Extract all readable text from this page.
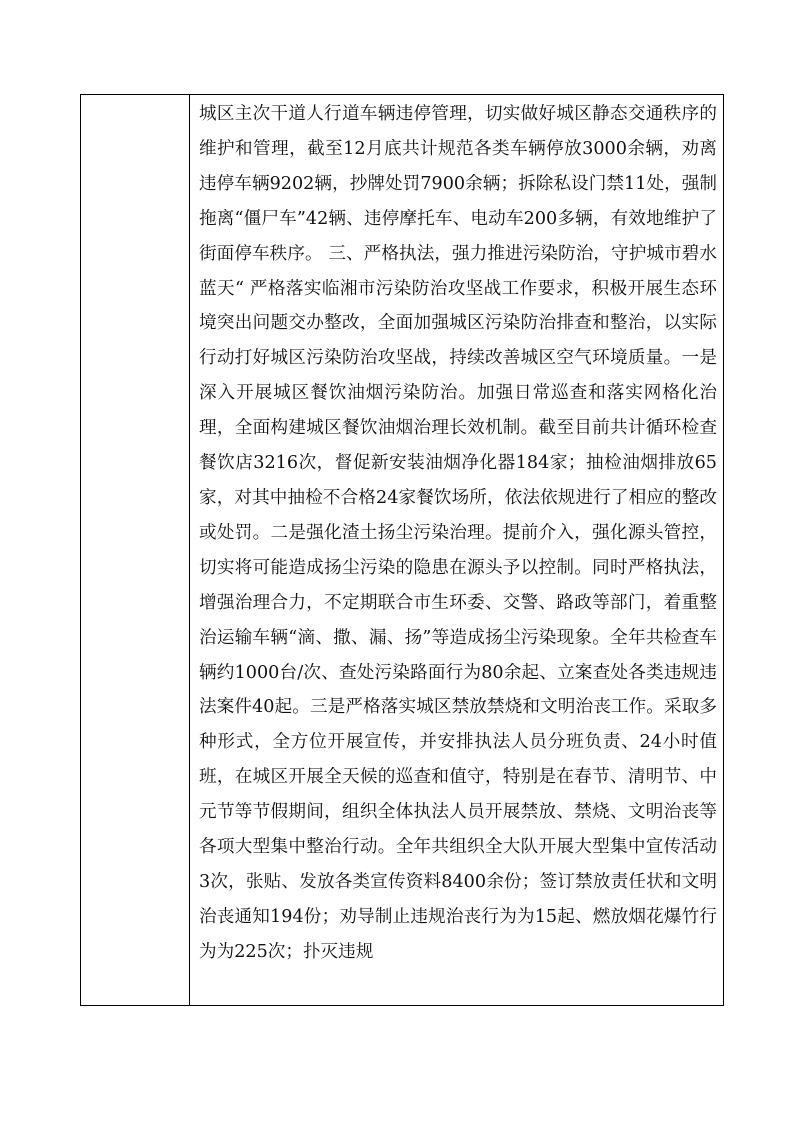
城区主次干道人行道车辆违停管理，切实做好城区静态交通秩序的维护和管理，截至12月底共计规范各类车辆停放3000余辆，劝离违停车辆9202辆，抄牌处罚7900余辆；拆除私设门禁11处，强制拖离“僵尸车”42辆、违停摩托车、电动车200多辆，有效地维护了街面停车秩序。 三、严格执法，强力推进污染防治，守护城市碧水蓝天“ 严格落实临湘市污染防治攻坚战工作要求，积极开展生态环境突出问题交办整改，全面加强城区污染防治排查和整治，以实际行动打好城区污染防治攻坚战，持续改善城区空气环境质量。一是深入开展城区餐饮油烟污染防治。加强日常巡查和落实网格化治理，全面构建城区餐饮油烟治理长效机制。截至目前共计循环检查餐饮店3216次，督促新安装油烟净化器184家；抽检油烟排放65家，对其中抽检不合格24家餐饮场所，依法依规进行了相应的整改或处罚。二是强化渣土扬尘污染治理。提前介入，强化源头管控，切实将可能造成扬尘污染的隐患在源头予以控制。同时严格执法，增强治理合力，不定期联合市生环委、交警、路政等部门，着重整治运输车辆“滴、撒、漏、扬”等造成扬尘污染现象。全年共检查车辆约1000台/次、查处污染路面行为80余起、立案查处各类违规违法案件40起。三是严格落实城区禁放禁烧和文明治丧工作。采取多种形式，全方位开展宣传，并安排执法人员分班负责、24小时值班，在城区开展全天候的巡查和值守，特别是在春节、清明节、中元节等节假期间，组织全体执法人员开展禁放、禁烧、文明治丧等各项大型集中整治行动。全年共组织全大队开展大型集中宣传活动3次，张贴、发放各类宣传资料8400余份；签订禁放责任状和文明治丧通知194份；劝导制止违规治丧行为为15起、燃放烟花爆竹行为为225次；扑灭违规
